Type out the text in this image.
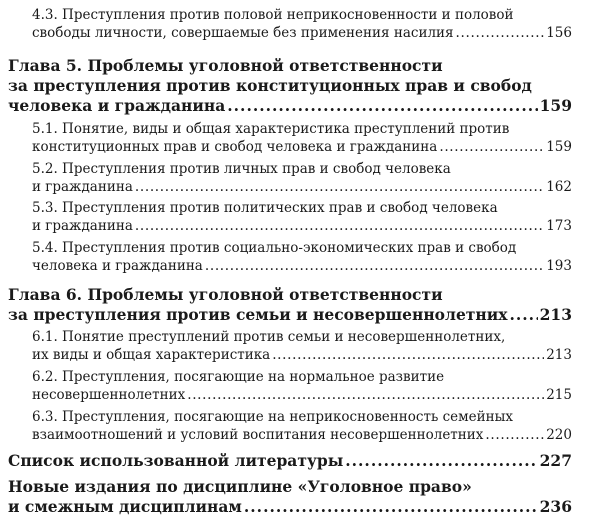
4.3. Преступления против половой неприкосновенности и половой
свободы личности, совершаемые без применения насилия . . .	156
Глава 5. Проблемы уголовной ответственности
за преступления против конституционных прав и свобод
человека и гражданина . . .	159
5.1. Понятие, виды и общая характеристика преступлений против
конституционных прав и свобод человека и гражданина . . .	159
5.2. Преступления против личных прав и свобод человека
и гражданина . . .	162
5.3. Преступления против политических прав и свобод человека
и гражданина . . .	173
5.4. Преступления против социально-экономических прав и свобод
человека и гражданина . . .	193
Глава 6. Проблемы уголовной ответственности
за преступления против семьи и несовершеннолетних . . . 213
6.1. Понятие преступлений против семьи и несовершеннолетних,
их виды и общая характеристика . . .	213
6.2. Преступления, посягающие на нормальное развитие
несовершеннолетних . . .	215
6.3. Преступления, посягающие на неприкосновенность семейных
взаимоотношений и условий воспитания несовершеннолетних . . .	220
Список использованной литературы . . .	227
Новые издания по дисциплине «Уголовное право»
и смежным дисциплинам . . .	236
